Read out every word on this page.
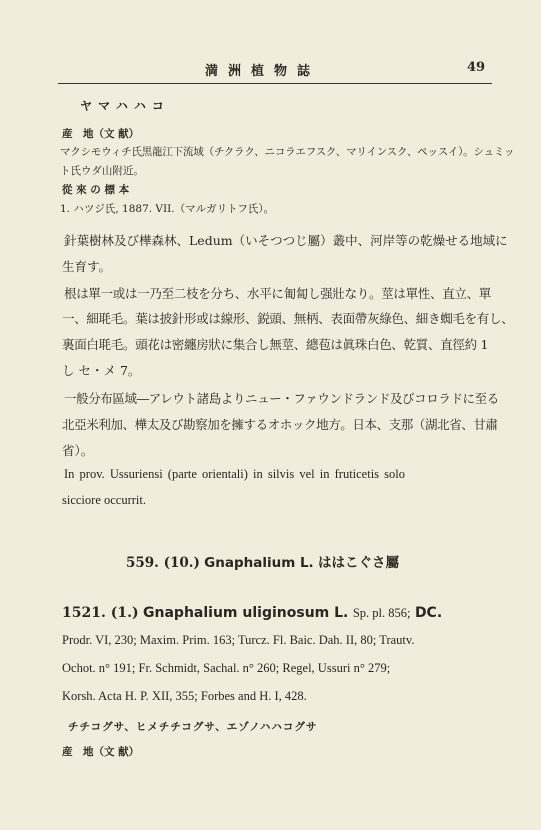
満洲植物誌	49
ヤマハハコ
産　地（文 献）
マクシモウィチ氏黒龍江下流域（チクラク、ニコラエフスク、マリインスク、ペッスイ）。シュミッ
ト氏ウダ山附近。
從 來 の 標 本
1. ハツジ氏, 1887. VII.（マルガリトフ氏）。
針葉樹林及び樺森林、Ledum（いそつつじ屬）叢中、河岸等の乾燥せる地域に
生育す。
根は單一或は一乃至二枝を分ち、水平に匍匐し强壯なり。莖は單性、直立、單
一、細毦毛。葉は披針形或は線形、鋭頭、無柄、表面帶灰綠色、細き蜘毛を有し、
裏面白毦毛。頭花は密纏房狀に集合し無莖、總苞は眞珠白色、乾質、直徑約 1
し セ・メ 7。
一般分布區域―アレウト諸島よりニュー・ファウンドランド及びコロラドに至る
北亞米利加、樺太及び勘察加を擁するオホック地方。日本、支那（湖北省、甘肅
省）。
In prov. Ussuriensi (parte orientali) in silvis vel in fruticetis solo
sicciore occurrit.
559. (10.) Gnaphalium L. ははこぐさ屬
1521. (1.) Gnaphalium uliginosum L. Sp. pl. 856; DC.
Prodr. VI, 230; Maxim. Prim. 163; Turcz. Fl. Baic. Dah. II, 80; Trautv.
Ochot. n° 191; Fr. Schmidt, Sachal. n° 260; Regel, Ussuri n° 279;
Korsh. Acta H. P. XII, 355; Forbes and H. I, 428.
チチコグサ、ヒメチチコグサ、エゾノハハコグサ
産　地（文 献）
